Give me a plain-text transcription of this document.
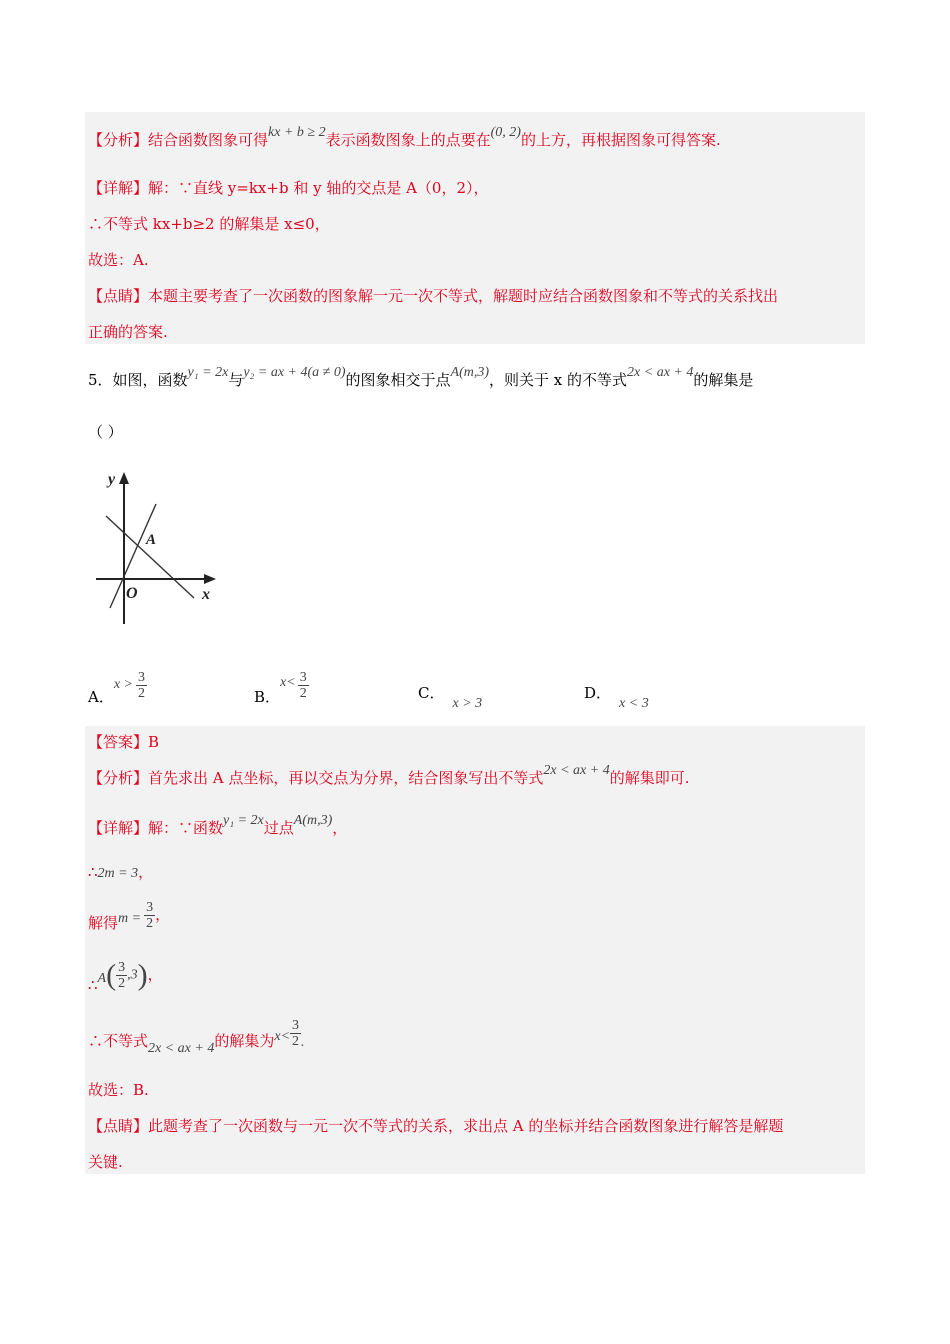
【分析】结合函数图象可得kx + b ≥ 2表示函数图象上的点要在(0, 2)的上方，再根据图象可得答案.
【详解】解：∵直线 y=kx+b 和 y 轴的交点是 A（0，2），
∴不等式 kx+b≥2 的解集是 x≤0，
故选：A.
【点睛】本题主要考查了一次函数的图象解一元一次不等式，解题时应结合函数图象和不等式的关系找出
正确的答案.
5．如图，函数y₁ = 2x与y₂ = ax + 4(a ≠ 0)的图象相交于点A(m,3)，则关于 x 的不等式2x < ax + 4的解集是
（ ）
y
x
O
A
A．$x > \frac{3}{2}$	B．$x< \frac{3}{2}$	C．x > 3
D．x < 3
【答案】B
【分析】首先求出 A 点坐标，再以交点为分界，结合图象写出不等式2x < ax + 4的解集即可.
【详解】解：∵函数y₁ = 2x过点A(m,3)，
∴2m = 3，
解得$m = \frac{3}{2}$ ，
∴A( $\frac{3}{2} ,3$)，
∴不等式2x < ax + 4的解集为$x< \frac{3}{2}$ .
故选：B.
【点睛】此题考查了一次函数与一元一次不等式的关系，求出点 A 的坐标并结合函数图象进行解答是解题
关键.
